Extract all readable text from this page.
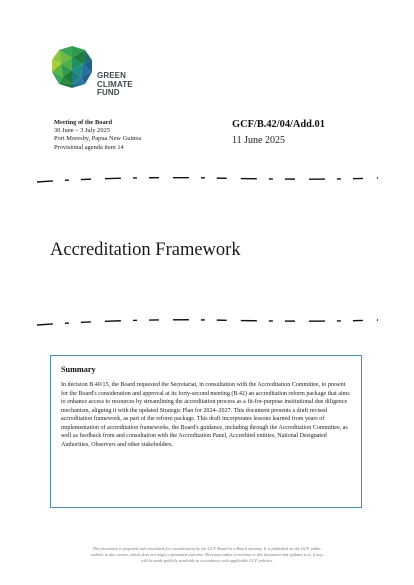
GREEN
CLIMATE
FUND
Meeting of the Board
30 June – 3 July 2025
Port Moresby, Papua New Guinea
Provisional agenda item 14
GCF/B.42/04/Add.01
11 June 2025
Accreditation Framework
Summary
In decision B.40/15, the Board requested the Secretariat, in consultation with the Accreditation Committee, to present for the Board's consideration and approval at its forty-second meeting (B.42) an accreditation reform package that aims to enhance access to resources by streamlining the accreditation process as a fit-for-purpose institutional due diligence mechanism, aligning it with the updated Strategic Plan for 2024–2027. This document presents a draft revised accreditation framework, as part of the reform package. This draft incorporates lessons learned from years of implementation of accreditation frameworks, the Board's guidance, including through the Accreditation Committee, as well as feedback from and consultation with the Accreditation Panel, Accredited entities, National Designated Authorities, Observers and other stakeholders.
This document is prepared and circulated for consideration by the GCF Board in a Board meeting. It is published on the GCF public
website in due course, which does not imply a presumed outcome. Decisions taken in relation to this document and updates to it, if any,
will be made publicly available in accordance with applicable GCF policies.
